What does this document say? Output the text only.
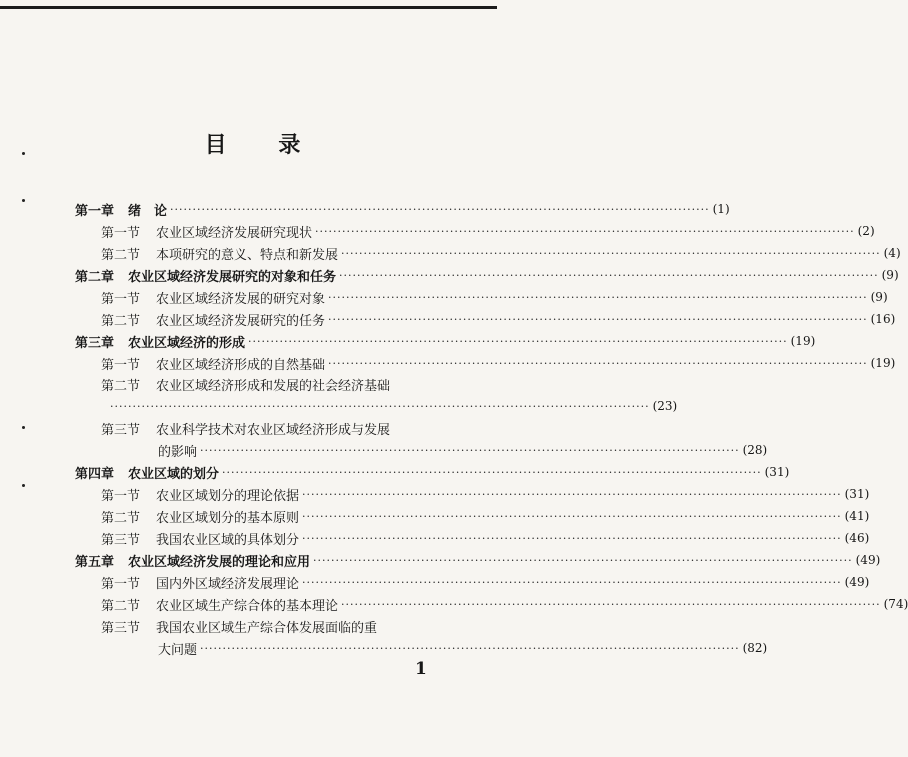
目 录
第一章 绪　论 ························································································································ (1)
第一节 农业区域经济发展研究现状 ························································································································ (2)
第二节 本项研究的意义、特点和新发展 ························································································································ (4)
第二章 农业区域经济发展研究的对象和任务 ························································································································ (9)
第一节 农业区域经济发展的研究对象 ························································································································ (9)
第二节 农业区域经济发展研究的任务 ························································································································ (16)
第三章 农业区域经济的形成 ························································································································ (19)
第一节 农业区域经济形成的自然基础 ························································································································ (19)
第二节 农业区域经济形成和发展的社会经济基础
························································································································ (23)
第三节 农业科学技术对农业区域经济形成与发展
的影响 ························································································································ (28)
第四章 农业区域的划分 ························································································································ (31)
第一节 农业区域划分的理论依据 ························································································································ (31)
第二节 农业区域划分的基本原则 ························································································································ (41)
第三节 我国农业区域的具体划分 ························································································································ (46)
第五章 农业区域经济发展的理论和应用 ························································································································ (49)
第一节 国内外区域经济发展理论 ························································································································ (49)
第二节 农业区域生产综合体的基本理论 ························································································································ (74)
第三节 我国农业区域生产综合体发展面临的重
大问题 ························································································································ (82)
1
